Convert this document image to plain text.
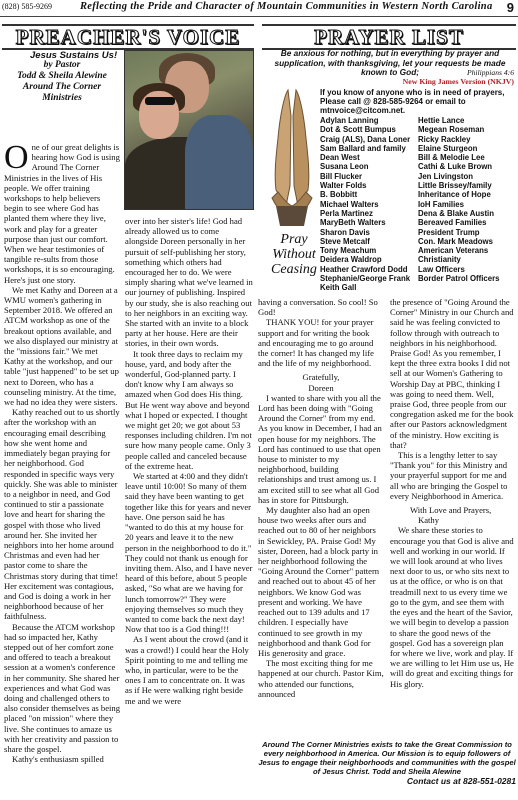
(828) 585-9269	Reflecting the Pride and Character of Mountain Communities in Western North Carolina 9
PREACHER'S VOICE
Jesus Sustains Us!
by Pastor
Todd & Sheila Alewine
Around The Corner
Ministries

One of our great delights is hearing how God is using Around The Corner Ministries in the lives of His people. We offer training workshops to help believers begin to see where God has planted them where they live, work and play for a greater purpose than just our comfort. When we hear testimonies of tangible re-sults from those workshops, it is so encouraging. Here's just one story.

We met Kathy and Doreen at a WMU women's gathering in September 2018. We offered an ATCM workshop as one of the breakout options available, and we also displayed our ministry at the "missions fair." We met Kathy at the workshop, and our table "just happened" to be set up next to Doreen, who has a counseling ministry. At the time, we had no idea they were sisters.

Kathy reached out to us shortly after the workshop with an encouraging email describing how she went home and immediately began praying for her neighborhood. God responded in specific ways very quickly. She was able to minister to a neighbor in need, and God continued to stir a passionate love and heart for sharing the gospel with those who lived around her. She invited her neighbors into her home around Christmas and even had her pastor come to share the Christmas story during that time! Her excitement was contagious, and God is doing a work in her neighborhood because of her faithfulness.

Because the ATCM workshop had so impacted her, Kathy stepped out of her comfort zone and offered to teach a breakout session at a women's conference in her community. She shared her experiences and what God was doing and challenged others to also consider themselves as being placed "on mission" where they live. She continues to amaze us with her creativity and passion to share the gospel.

Kathy's enthusiasm spilled

over into her sister's life! God had already allowed us to come alongside Doreen personally in her pursuit of self-publishing her story, something which others had encouraged her to do. We were simply sharing what we've learned in our journey of publishing. Inspired by our study, she is also reaching out to her neighbors in an exciting way. She started with an invite to a block party at her house. Here are their stories, in their own words.

It took three days to reclaim my house, yard, and body after the wonderful, God-planned party. I don't know why I am always so amazed when God does His thing. But He went way above and beyond what I hoped or expected. I thought we might get 20; we got about 53 responses including children. I'm not sure how many people came. Only 3 people called and canceled because of the extreme heat.

We started at 4:00 and they didn't leave until 10:00! So many of them said they have been wanting to get together like this for years and never have. One person said he has "wanted to do this at my house for 20 years and leave it to the new person in the neighborhood to do it." They could not thank us enough for inviting them. Also, and I have never heard of this before, about 5 people asked, "So what are we having for lunch tomorrow?" They were enjoying themselves so much they wanted to come back the next day! Now that too is a God thing!!!

As I went about the crowd (and it was a crowd!) I could hear the Holy Spirit pointing to me and telling me who, in particular, were to be the ones I am to concentrate on. It was as if He were walking right beside me and we were

having a conversation. So cool! So God!

THANK YOU! for your prayer support and for writing the book and encouraging me to go around the corner! It has changed my life and the life of my neighborhood.

Gratefully,

Doreen

I wanted to share with you all the Lord has been doing with "Going Around the Corner" from my end. As you know in December, I had an open house for my neighbors. The Lord has continued to use that open house to minister to my neighborhood, building relationships and trust among us. I am excited still to see what all God has in store for Pittsburgh.

My daughter also had an open house two weeks after ours and reached out to 80 of her neighbors in Sewickley, PA. Praise God! My sister, Doreen, had a block party in her neighborhood following the "Going Around the Corner" pattern and reached out to about 45 of her neighbors. We know God was present and working. We have reached out to 139 adults and 17 children. I especially have continued to see growth in my neighborhood and thank God for His generosity and grace.

The most exciting thing for me happened at our church. Pastor Kim, who attended our functions, announced

the presence of "Going Around the Corner" Ministry in our Church and said he was feeling convicted to follow through with outreach to neighbors in his neighborhood. Praise God! As you remember, I kept the three extra books I did not sell at our Women's Gathering to Worship Day at PBC, thinking I was going to need them. Well, praise God, three people from our congregation asked me for the book after our Pastors acknowledgment of the ministry. How exciting is that?

This is a lengthy letter to say "Thank you" for this Ministry and your prayerful support for me and all who are bringing the Gospel to every Neighborhood in America.

With Love and Prayers,

Kathy

We share these stories to encourage you that God is alive and well and working in our world. If we will look around at who lives next door to us, or who sits next to us at the office, or who is on that treadmill next to us every time we go to the gym, and see them with the eyes and the heart of the Savior, we will begin to develop a passion to share the good news of the gospel. God has a sovereign plan for where we live, work and play. If we are willing to let Him use us, He will do great and exciting things for His glory.

Around The Corner Ministries exists to take the Great Commission to every neighborhood in America. Our Mission is to equip followers of Jesus to engage their neighborhoods and communities with the gospel of Jesus Christ. Todd and Sheila Alewine
Contact us at 828-551-0281
PRAYER LIST
Be anxious for nothing, but in everything by prayer and supplication, with thanksgiving, let your requests be made known to God;	Philippians 4:6
New King James Version (NKJV)
Pray Without Ceasing
If you know of anyone who is in need of prayers, Please call @ 828-585-9264 or email to mtnvoice@citcom.net.
Adylan Lanning
Dot & Scott Bumpus
Craig (ALS), Dana Loner
Sam Ballard and family
Dean West
Susana Leon
Bill Flucker
Walter Folds
B. Bobbitt
Michael Walters
Perla Martinez
MaryBeth Walters
Sharon Davis
Steve Metcalf
Tony Meachum
Deidera Waldrop
Heather Crawford Dodd
Stephanie/George Frank
Keith Gall
Hettie Lance
Megean Roseman
Ricky Rackley
Elaine Sturgeon
Bill & Melodie Lee
Cathi & Luke Brown
Jen Livingston
Little Brissey/family
Inheritance of Hope
IoH Families
Dena & Blake Austin
Bereaved Families
President Trump
Con. Mark Meadows
American Veterans
Christianity
Law Officers
Border Patrol Officers
